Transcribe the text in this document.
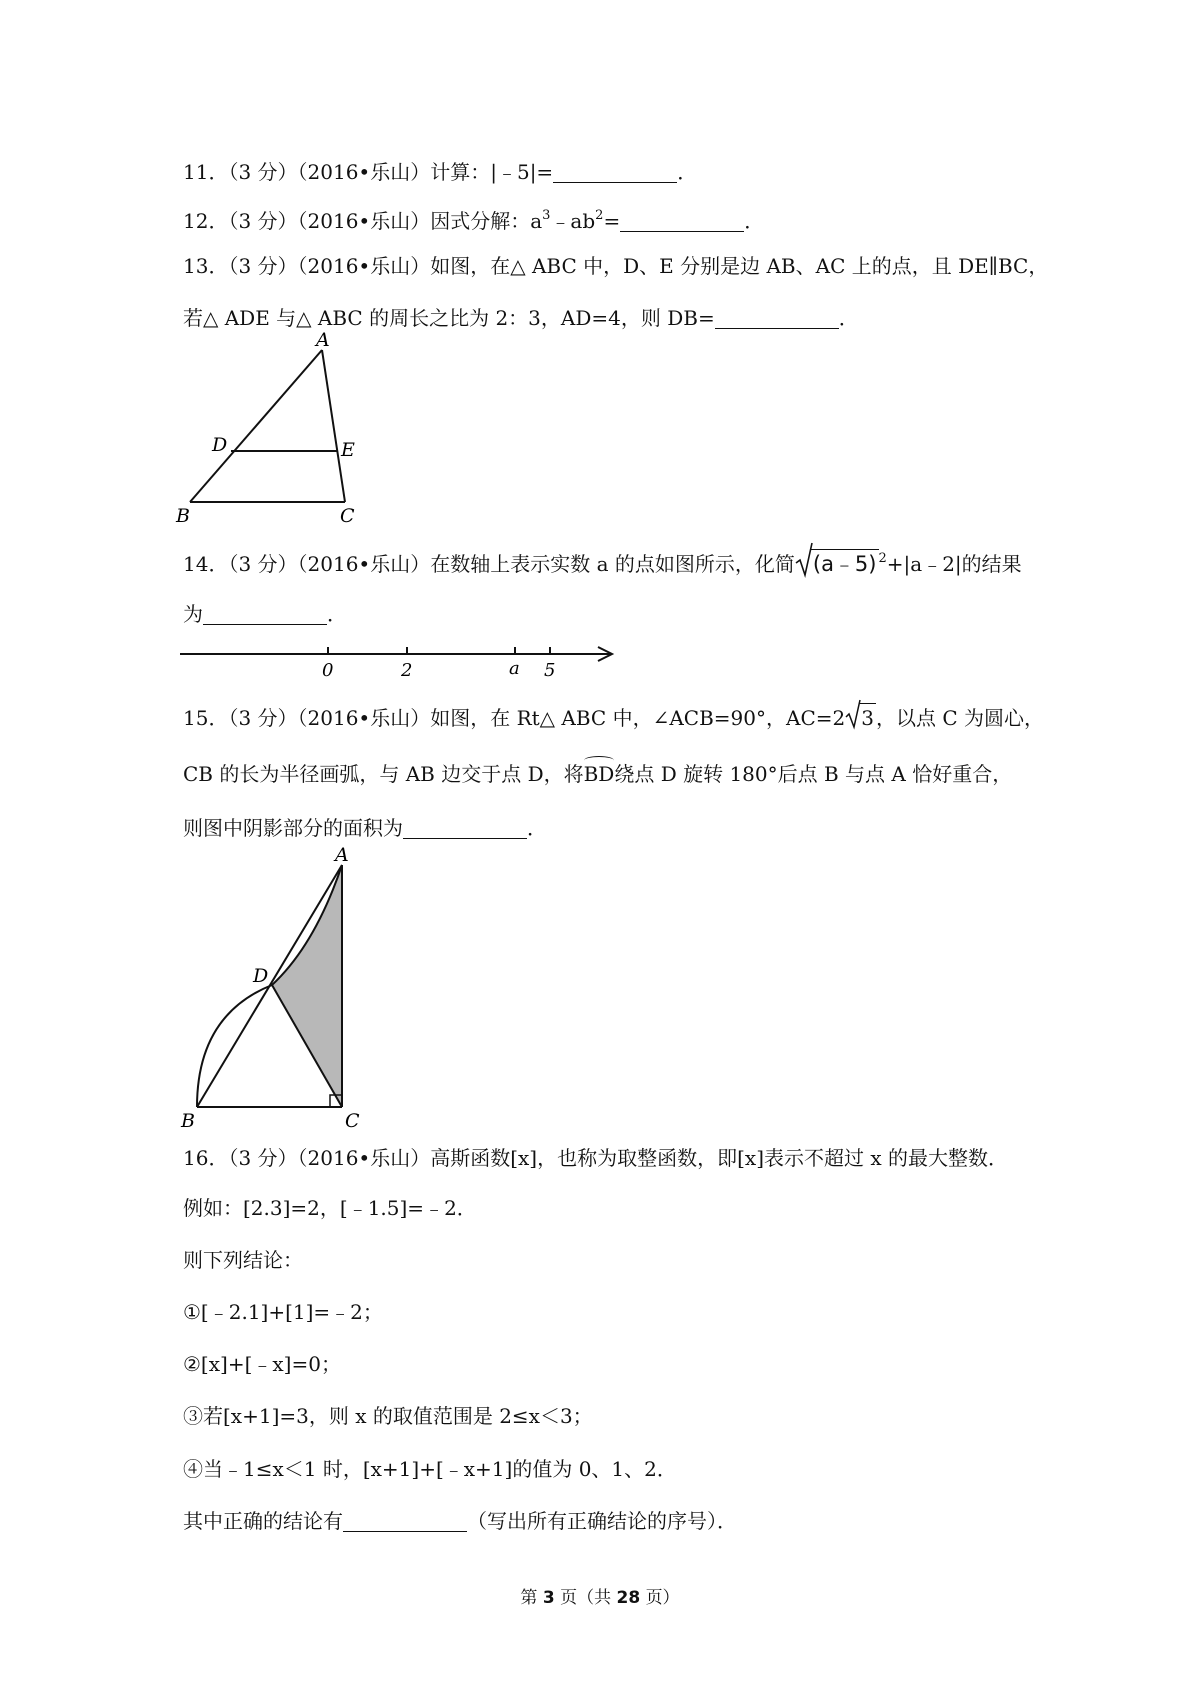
11．（3 分）（2016•乐山）计算：|﹣5|=	．
12．（3 分）（2016•乐山）因式分解：$a^3﹣ab^2=$	．
13．（3 分）（2016•乐山）如图，在△ ABC 中，D、E 分别是边 AB、AC 上的点，且 DE∥BC，
若△ ADE 与△ ABC 的周长之比为 2：3，AD=4，则 DB=	．
A
B	C
D	E
14．（3 分）（2016•乐山）在数轴上表示实数 a 的点如图所示，化简 (a﹣5) $^2$+|a﹣2|的结果
为	．
0	2	a 5
15．（3 分）（2016•乐山）如图，在 Rt△ ABC 中，∠ACB=90°，AC=2 3 ，以点 C 为圆心，
CB 的长为半径画弧，与 AB 边交于点 D，将BD绕点 D 旋转 180°后点 B 与点 A 恰好重合，
则图中阴影部分的面积为	．
A
B	C
D
16．（3 分）（2016•乐山）高斯函数[x]，也称为取整函数，即[x]表示不超过 x 的最大整数．
例如：[2.3]=2，[﹣1.5]=﹣2．
则下列结论：
①[﹣2.1]+[1]=﹣2；
②[x]+[﹣x]=0；
③若[x+1]=3，则 x 的取值范围是 2≤x＜3；
④当﹣1≤x＜1 时，[x+1]+[﹣x+1]的值为 0、1、2．
其中正确的结论有	（写出所有正确结论的序号）．
第 3 页（共 28 页）
